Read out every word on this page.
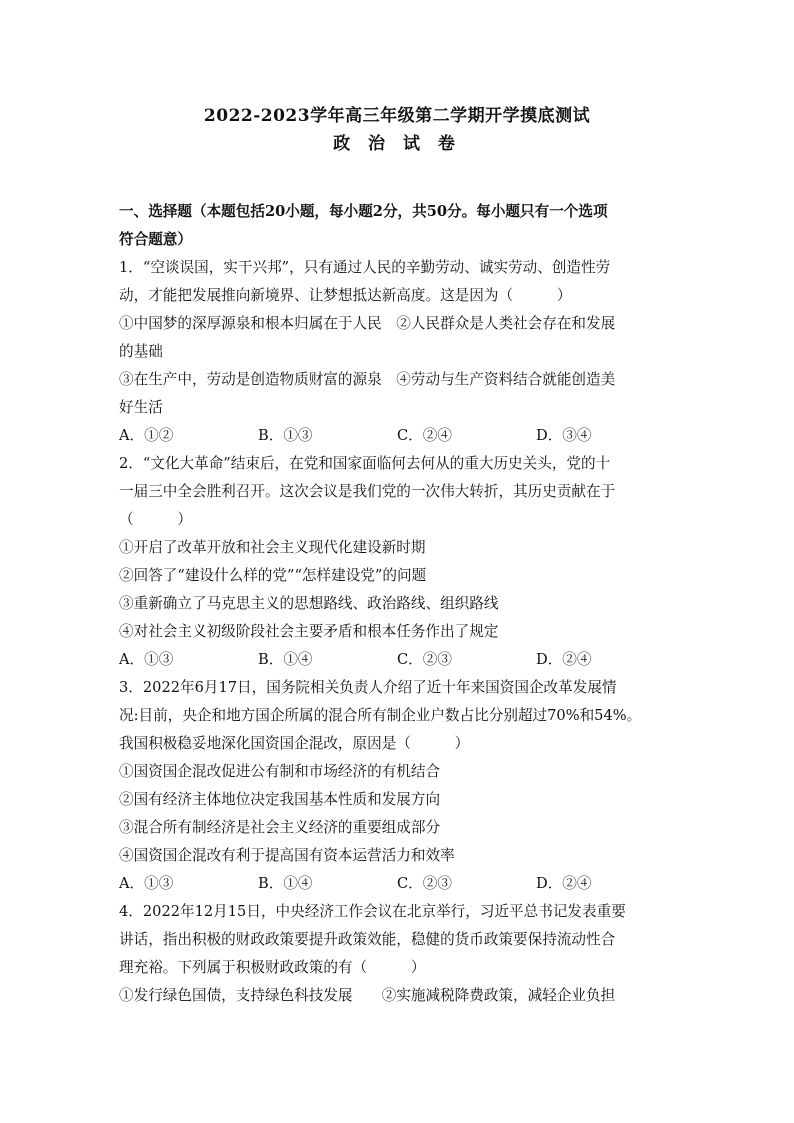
2022-2023学年高三年级第二学期开学摸底测试
政 治 试 卷
一、选择题（本题包括20小题，每小题2分，共50分。每小题只有一个选项
符合题意）
1．“空谈误国，实干兴邦”，只有通过人民的辛勤劳动、诚实劳动、创造性劳
动，才能把发展推向新境界、让梦想抵达新高度。这是因为（　　　）
①中国梦的深厚源泉和根本归属在于人民　②人民群众是人类社会存在和发展
的基础
③在生产中，劳动是创造物质财富的源泉　④劳动与生产资料结合就能创造美
好生活
A．①②	B．①③	C．②④	D．③④
2．“文化大革命”结束后，在党和国家面临何去何从的重大历史关头，党的十
一届三中全会胜利召开。这次会议是我们党的一次伟大转折，其历史贡献在于
（　　　）
①开启了改革开放和社会主义现代化建设新时期
②回答了“建设什么样的党”“怎样建设党”的问题
③重新确立了马克思主义的思想路线、政治路线、组织路线
④对社会主义初级阶段社会主要矛盾和根本任务作出了规定
A．①③	B．①④	C．②③	D．②④
3．2022年6月17日，国务院相关负责人介绍了近十年来国资国企改革发展情
况:目前，央企和地方国企所属的混合所有制企业户数占比分别超过70%和54%。
我国积极稳妥地深化国资国企混改，原因是（　　　）
①国资国企混改促进公有制和市场经济的有机结合
②国有经济主体地位决定我国基本性质和发展方向
③混合所有制经济是社会主义经济的重要组成部分
④国资国企混改有利于提高国有资本运营活力和效率
A．①③	B．①④	C．②③	D．②④
4．2022年12月15日，中央经济工作会议在北京举行，习近平总书记发表重要
讲话，指出积极的财政政策要提升政策效能，稳健的货币政策要保持流动性合
理充裕。下列属于积极财政政策的有（　　　）
①发行绿色国债，支持绿色科技发展　　②实施减税降费政策，减轻企业负担
